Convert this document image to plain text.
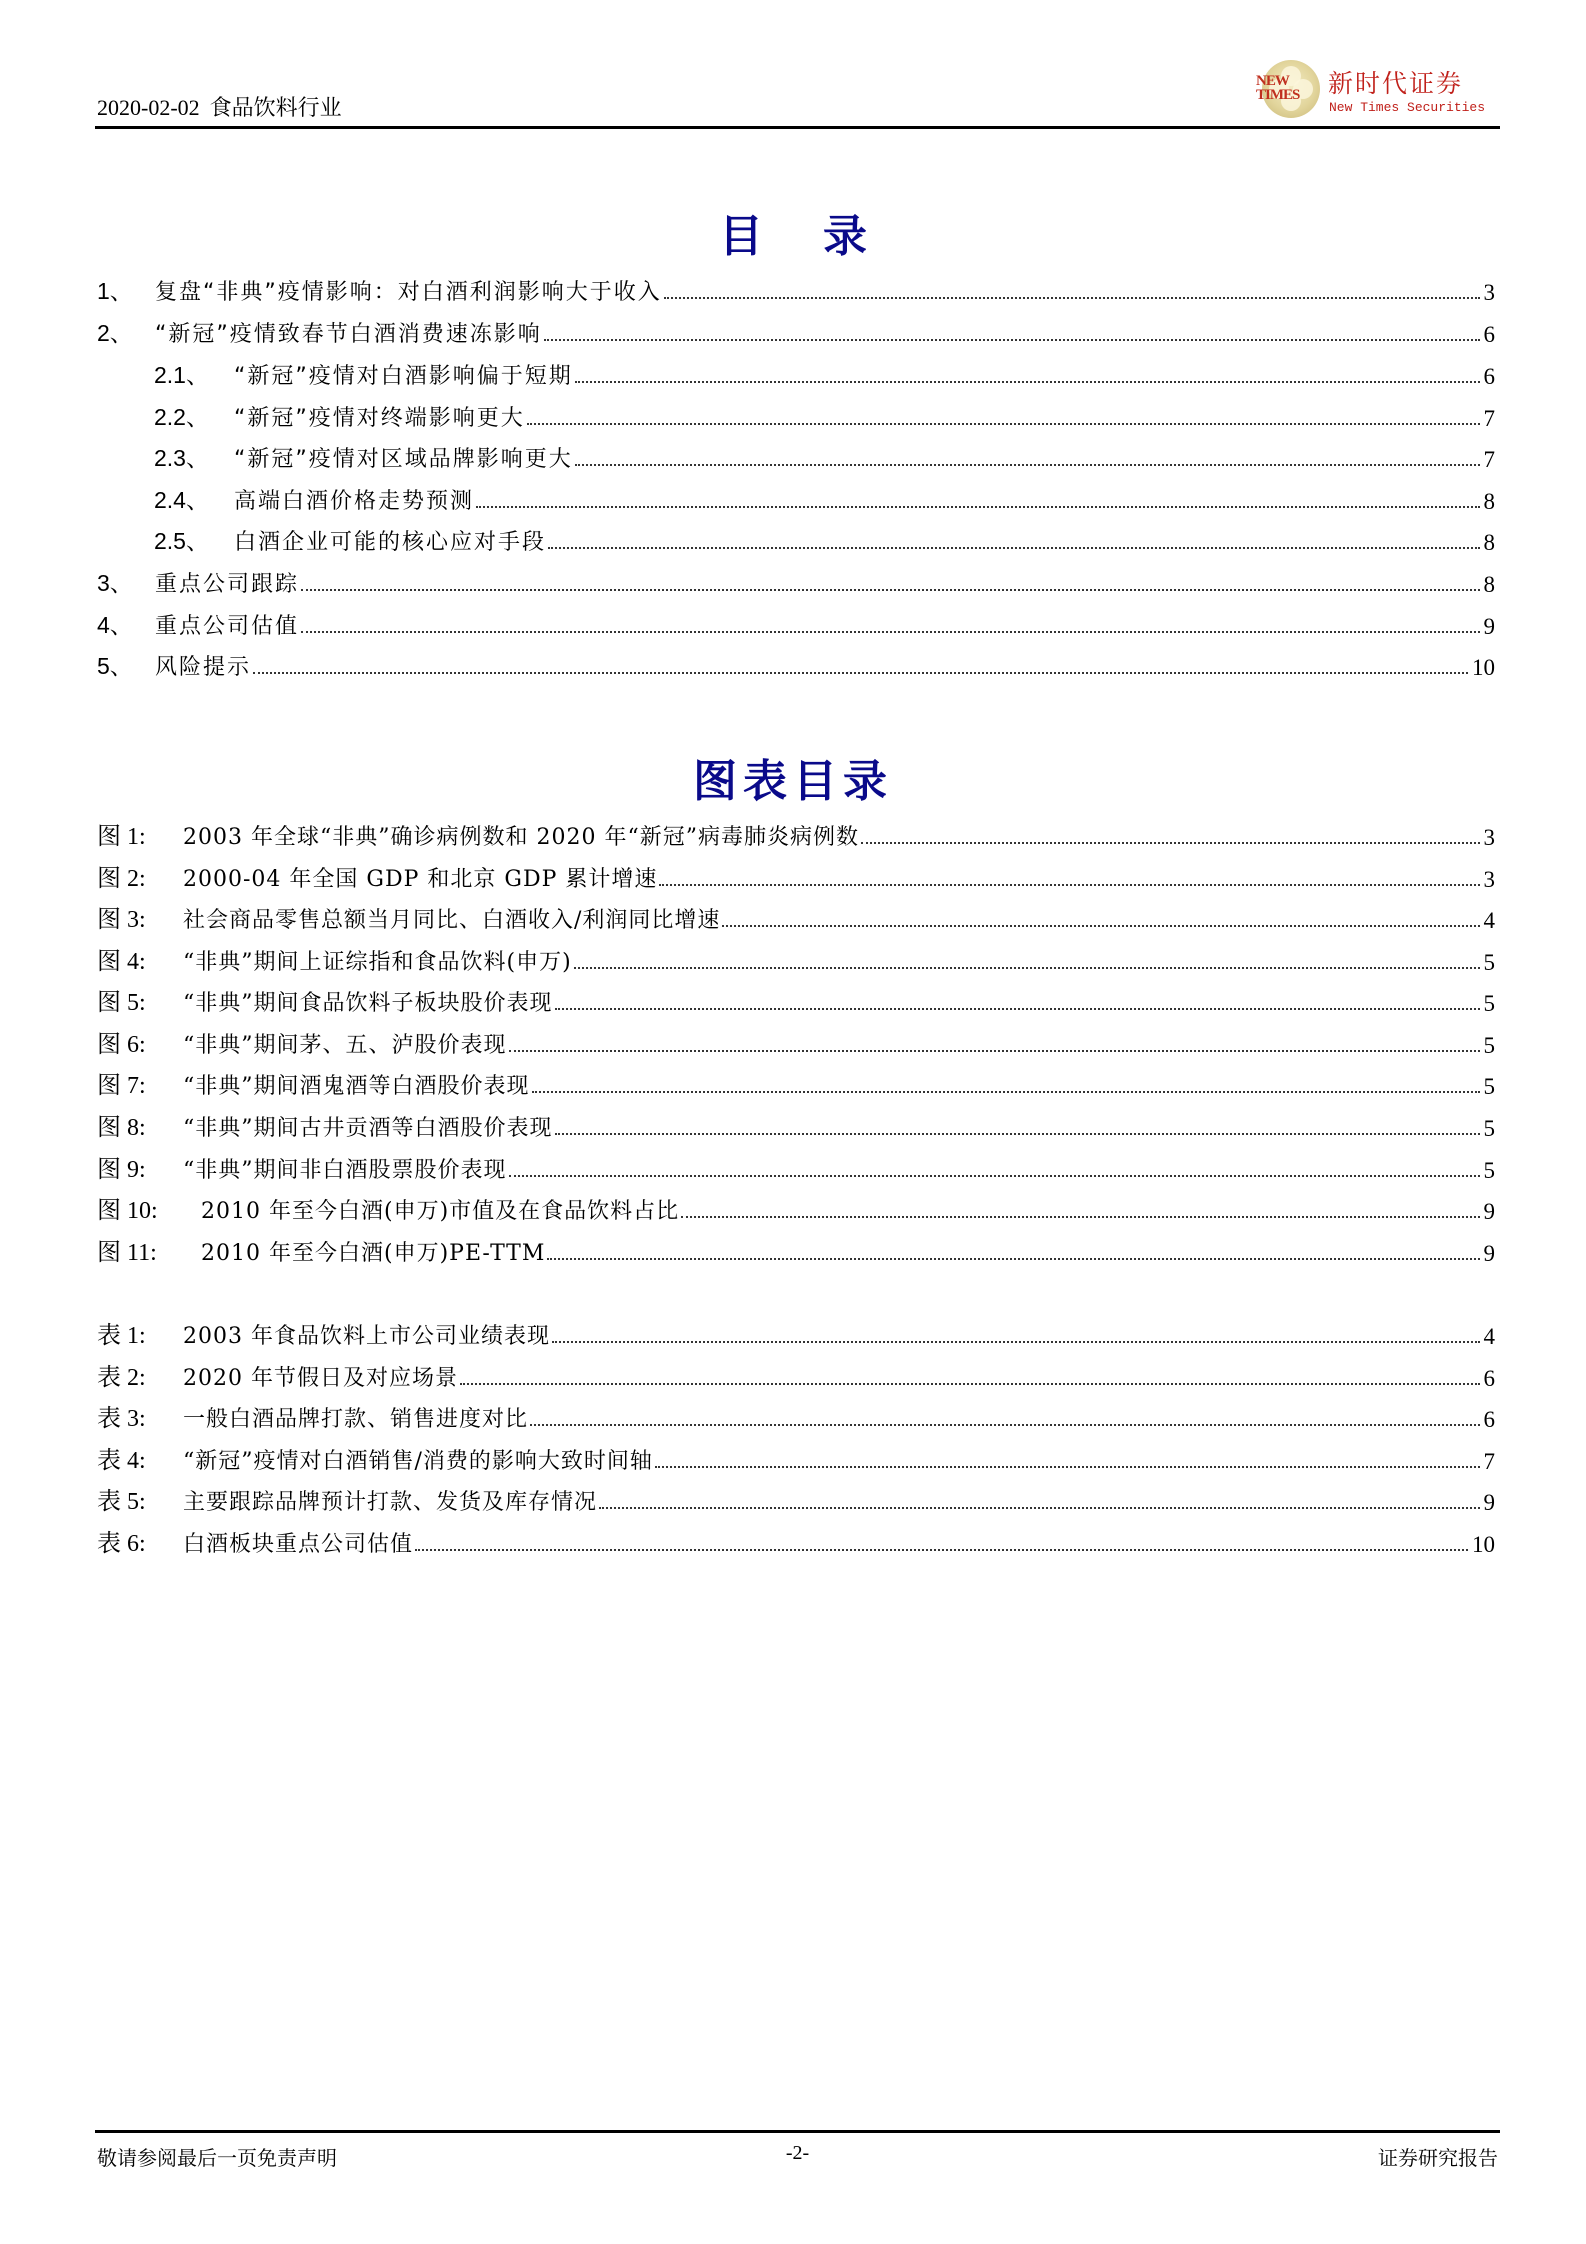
2020-02-02 食品饮料行业
NEW
TIMES 新时代证券
New Times Securities
目录
1、	复盘“非典”疫情影响：对白酒利润影响大于收入	3
2、	“新冠”疫情致春节白酒消费速冻影响	6
2.1、	“新冠”疫情对白酒影响偏于短期	6
2.2、	“新冠”疫情对终端影响更大	7
2.3、	“新冠”疫情对区域品牌影响更大	7
2.4、	高端白酒价格走势预测	8
2.5、	白酒企业可能的核心应对手段	8
3、	重点公司跟踪	8
4、	重点公司估值	9
5、	风险提示	10
图表目录
图 1:	2003 年全球“非典”确诊病例数和 2020 年“新冠”病毒肺炎病例数	3
图 2:	2000-04 年全国 GDP 和北京 GDP 累计增速	3
图 3:	社会商品零售总额当月同比、白酒收入/利润同比增速	4
图 4:	“非典”期间上证综指和食品饮料(申万)	5
图 5:	“非典”期间食品饮料子板块股价表现	5
图 6:	“非典”期间茅、五、泸股价表现	5
图 7:	“非典”期间酒鬼酒等白酒股价表现	5
图 8:	“非典”期间古井贡酒等白酒股价表现	5
图 9:	“非典”期间非白酒股票股价表现	5
图 10:	2010 年至今白酒(申万)市值及在食品饮料占比	9
图 11:	2010 年至今白酒(申万)PE-TTM	9
表 1:	2003 年食品饮料上市公司业绩表现	4
表 2:	2020 年节假日及对应场景	6
表 3:	一般白酒品牌打款、销售进度对比	6
表 4:	“新冠”疫情对白酒销售/消费的影响大致时间轴	7
表 5:	主要跟踪品牌预计打款、发货及库存情况	9
表 6:	白酒板块重点公司估值	10
敬请参阅最后一页免责声明	-2-	证券研究报告
